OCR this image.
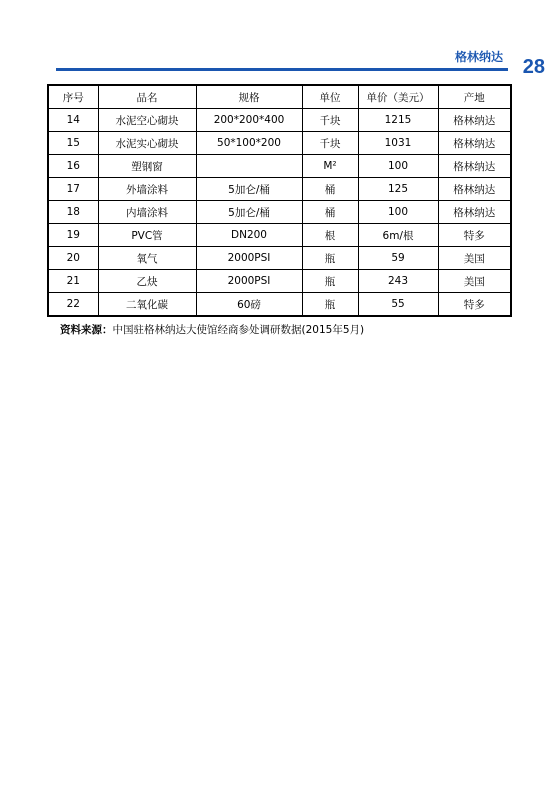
格林纳达 28
序号	品名	规格	单位	单价（美元）	产地
14	水泥空心砌块	200*200*400	千块	1215	格林纳达
15	水泥实心砌块	50*100*200	千块	1031	格林纳达
16	塑钢窗		M²	100	格林纳达
17	外墙涂料	5加仑/桶	桶	125	格林纳达
18	内墙涂料	5加仑/桶	桶	100	格林纳达
19	PVC管	DN200	根	6m/根	特多
20	氧气	2000PSI	瓶	59	美国
21	乙炔	2000PSI	瓶	243	美国
22	二氧化碳	60磅	瓶	55	特多
资料来源：中国驻格林纳达大使馆经商参处调研数据(2015年5月)
